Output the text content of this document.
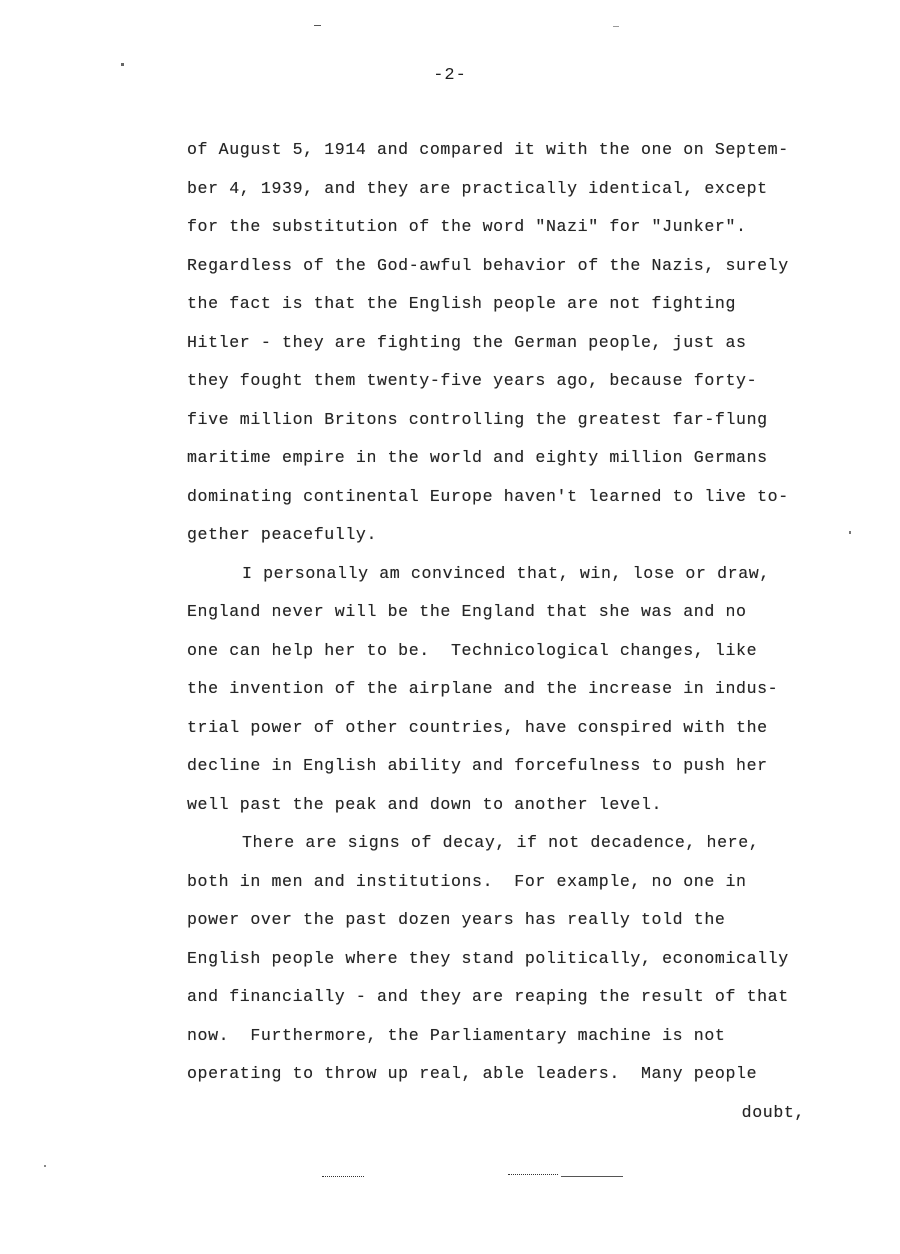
-2-
of August 5, 1914 and compared it with the one on Septem-
ber 4, 1939, and they are practically identical, except
for the substitution of the word "Nazi" for "Junker".
Regardless of the God-awful behavior of the Nazis, surely
the fact is that the English people are not fighting
Hitler - they are fighting the German people, just as
they fought them twenty-five years ago, because forty-
five million Britons controlling the greatest far-flung
maritime empire in the world and eighty million Germans
dominating continental Europe haven't learned to live to-
gether peacefully.
I personally am convinced that, win, lose or draw,
England never will be the England that she was and no
one can help her to be.  Technicological changes, like
the invention of the airplane and the increase in indus-
trial power of other countries, have conspired with the
decline in English ability and forcefulness to push her
well past the peak and down to another level.
There are signs of decay, if not decadence, here,
both in men and institutions.  For example, no one in
power over the past dozen years has really told the
English people where they stand politically, economically
and financially - and they are reaping the result of that
now.  Furthermore, the Parliamentary machine is not
operating to throw up real, able leaders.  Many people
doubt,
